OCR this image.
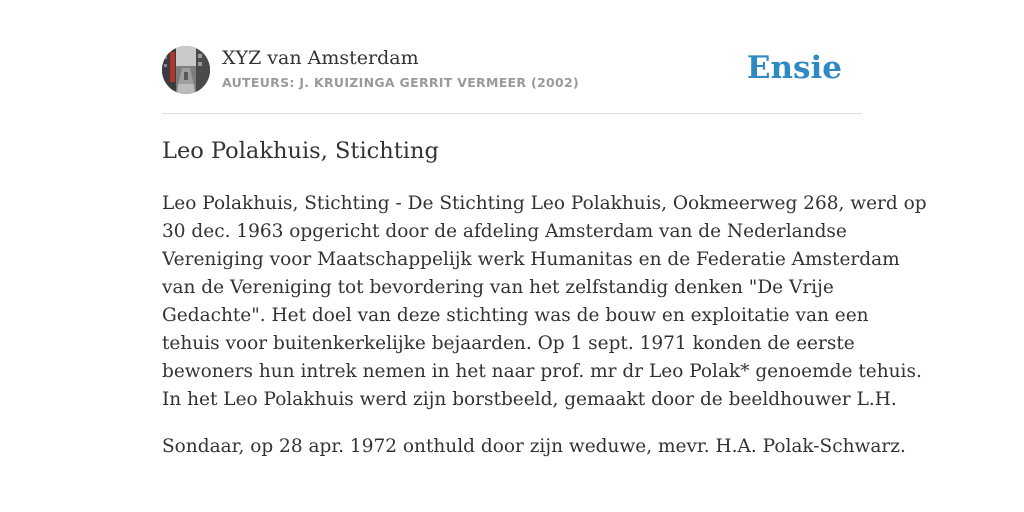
XYZ van Amsterdam
AUTEURS: J. KRUIZINGA GERRIT VERMEER (2002)	Ensie
Leo Polakhuis, Stichting

Leo Polakhuis, Stichting - De Stichting Leo Polakhuis, Ookmeerweg 268, werd op
30 dec. 1963 opgericht door de afdeling Amsterdam van de Nederlandse
Vereniging voor Maatschappelijk werk Humanitas en de Federatie Amsterdam
van de Vereniging tot bevordering van het zelfstandig denken "De Vrije
Gedachte". Het doel van deze stichting was de bouw en exploitatie van een
tehuis voor buitenkerkelijke bejaarden. Op 1 sept. 1971 konden de eerste
bewoners hun intrek nemen in het naar prof. mr dr Leo Polak* genoemde tehuis.
In het Leo Polakhuis werd zijn borstbeeld, gemaakt door de beeldhouwer L.H.

Sondaar, op 28 apr. 1972 onthuld door zijn weduwe, mevr. H.A. Polak-Schwarz.
